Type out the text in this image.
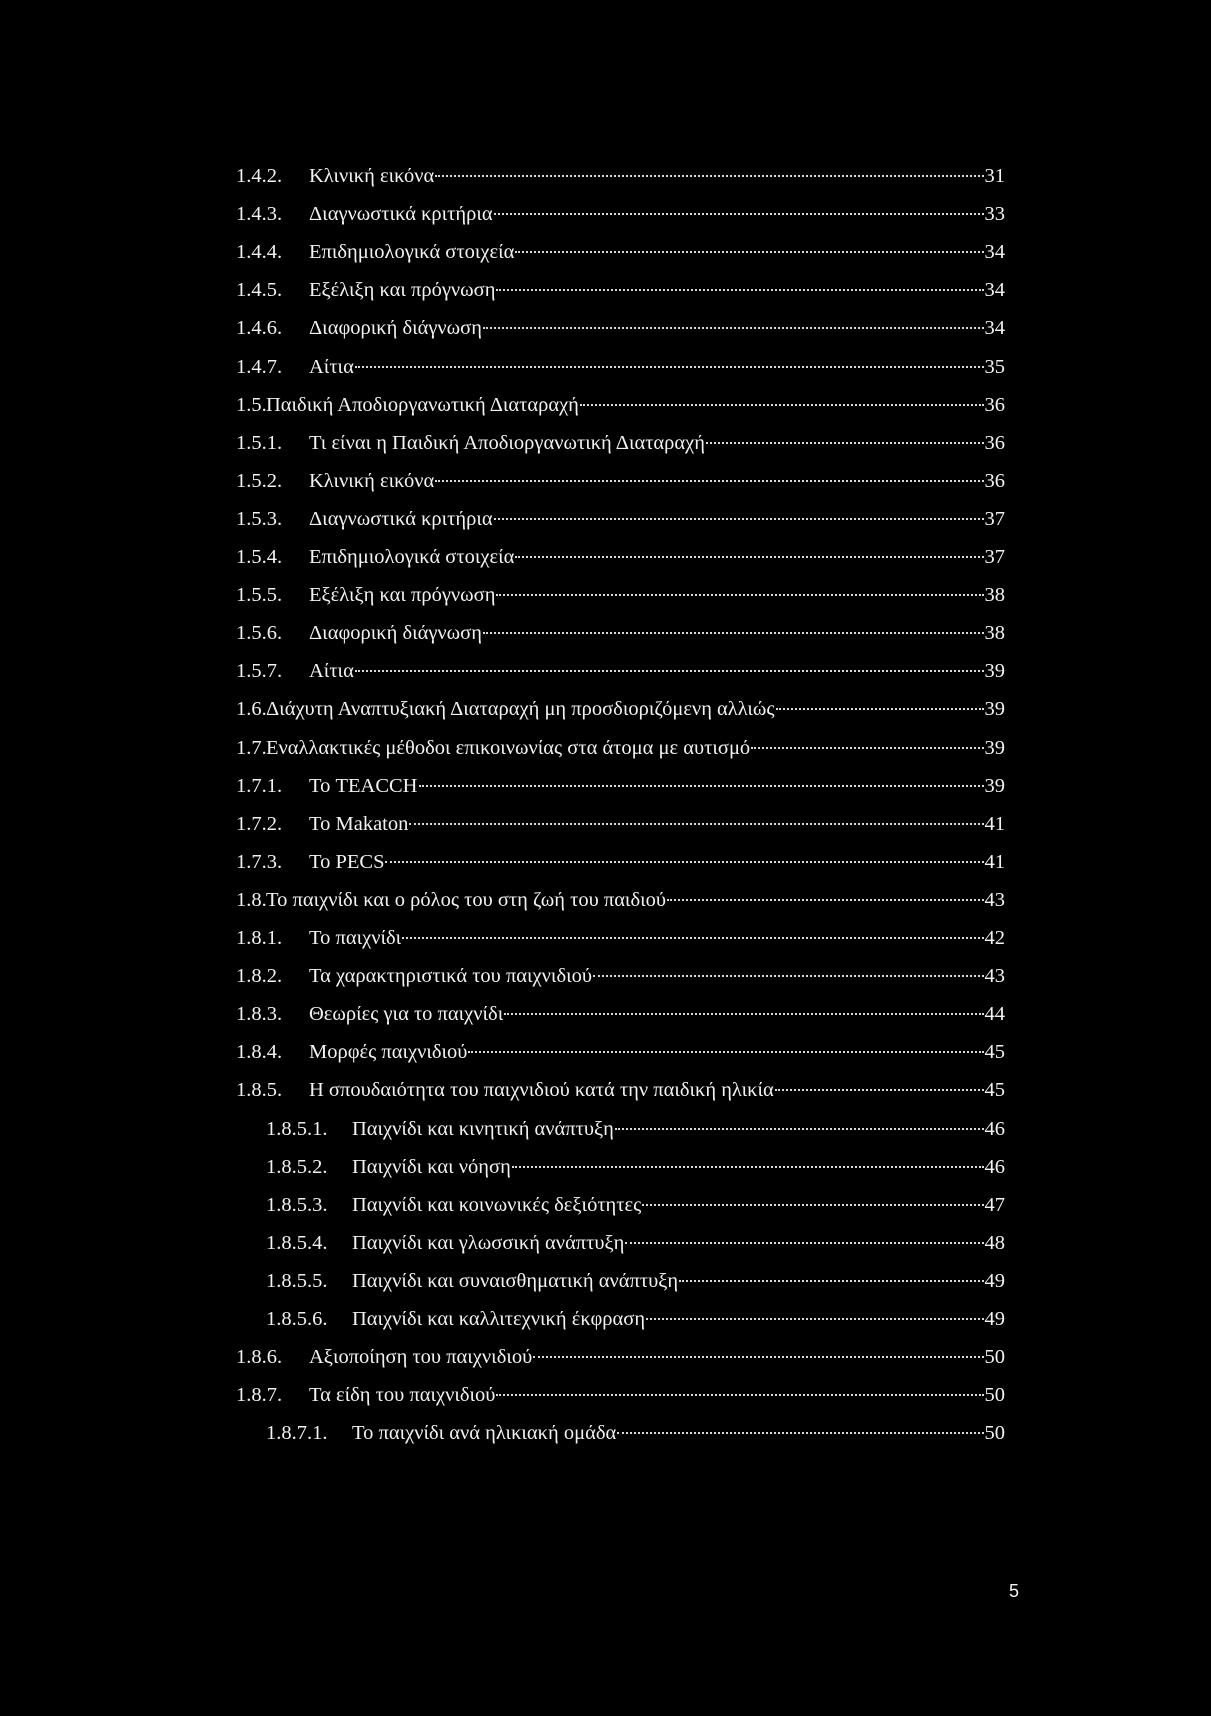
1.4.2.	Κλινική εικόνα	31
1.4.3.	Διαγνωστικά κριτήρια	33
1.4.4.	Επιδημιολογικά στοιχεία	34
1.4.5.	Εξέλιξη και πρόγνωση	34
1.4.6.	Διαφορική διάγνωση	34
1.4.7.	Αίτια	35
1.5. Παιδική Αποδιοργανωτική Διαταραχή	36
1.5.1.	Τι είναι η Παιδική Αποδιοργανωτική Διαταραχή	36
1.5.2.	Κλινική εικόνα	36
1.5.3.	Διαγνωστικά κριτήρια	37
1.5.4.	Επιδημιολογικά στοιχεία	37
1.5.5.	Εξέλιξη και πρόγνωση	38
1.5.6.	Διαφορική διάγνωση	38
1.5.7.	Αίτια	39
1.6. Διάχυτη Αναπτυξιακή Διαταραχή μη προσδιοριζόμενη αλλιώς	39
1.7. Εναλλακτικές μέθοδοι επικοινωνίας στα άτομα με αυτισμό	39
1.7.1.	Το TEACCH	39
1.7.2.	Το Makaton	41
1.7.3.	Το PECS	41
1.8. Το παιχνίδι και ο ρόλος του στη ζωή του παιδιού	43
1.8.1.	Το παιχνίδι	42
1.8.2.	Τα χαρακτηριστικά του παιχνιδιού	43
1.8.3.	Θεωρίες για το παιχνίδι	44
1.8.4.	Μορφές παιχνιδιού	45
1.8.5.	Η σπουδαιότητα του παιχνιδιού κατά την παιδική ηλικία	45
1.8.5.1.	Παιχνίδι και κινητική ανάπτυξη	46
1.8.5.2.	Παιχνίδι και νόηση	46
1.8.5.3.	Παιχνίδι και κοινωνικές δεξιότητες	47
1.8.5.4.	Παιχνίδι και γλωσσική ανάπτυξη	48
1.8.5.5.	Παιχνίδι και συναισθηματική ανάπτυξη	49
1.8.5.6.	Παιχνίδι και καλλιτεχνική έκφραση	49
1.8.6.	Αξιοποίηση του παιχνιδιού	50
1.8.7.	Τα είδη του παιχνιδιού	50
1.8.7.1.	Το παιχνίδι ανά ηλικιακή ομάδα	50
5
